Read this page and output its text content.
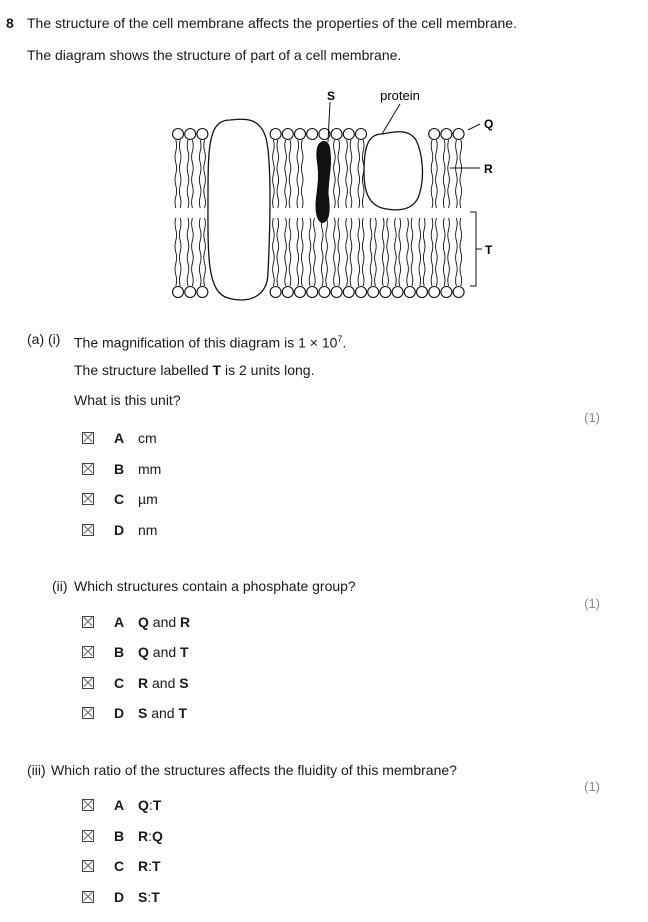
8 The structure of the cell membrane affects the properties of the cell membrane.
The diagram shows the structure of part of a cell membrane.
S	protein
Q
R
T
(a) (i) The magnification of this diagram is $1 \times 10^7$.
The structure labelled T is 2 units long.
What is this unit?
(1)
A cm
B mm
C µm
D nm
(ii) Which structures contain a phosphate group?
(1)
A Q and R
B Q and T
C R and S
D S and T
(iii) Which ratio of the structures affects the fluidity of this membrane?
(1)
A Q:T
B R:Q
C R:T
D S:T
